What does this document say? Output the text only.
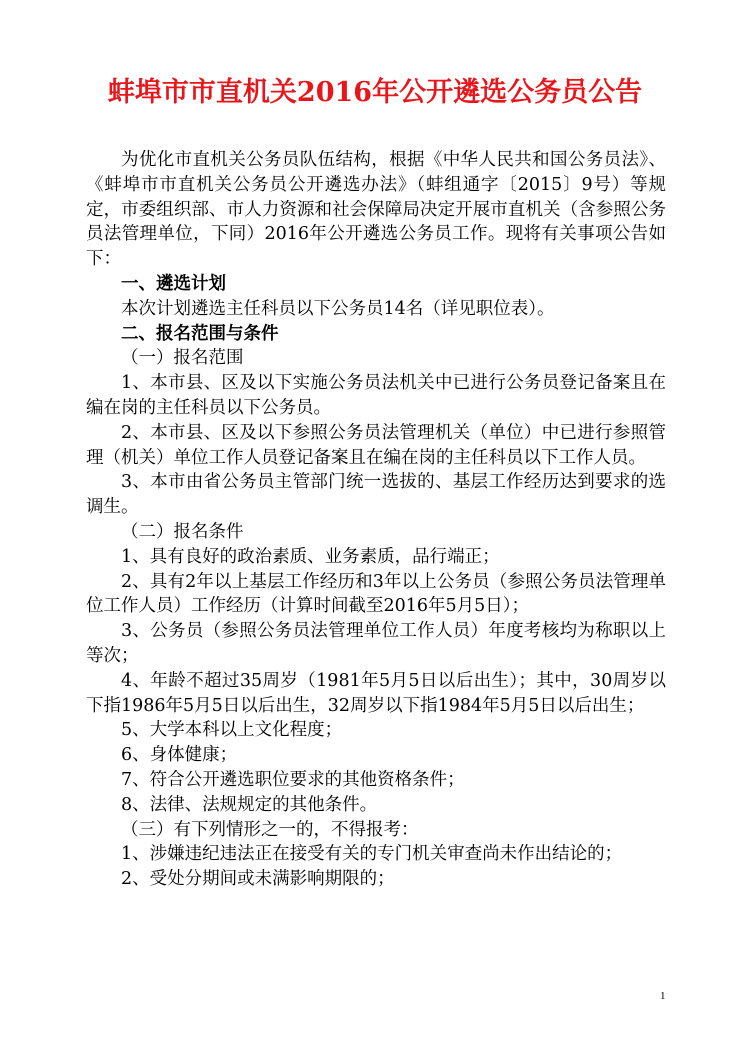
蚌埠市市直机关2016年公开遴选公务员公告

为优化市直机关公务员队伍结构，根据《中华人民共和国公务员法》、《蚌埠市市直机关公务员公开遴选办法》（蚌组通字〔2015〕9号）等规定，市委组织部、市人力资源和社会保障局决定开展市直机关（含参照公务员法管理单位，下同）2016年公开遴选公务员工作。现将有关事项公告如下：

一、遴选计划

本次计划遴选主任科员以下公务员14名（详见职位表）。

二、报名范围与条件

（一）报名范围

1、本市县、区及以下实施公务员法机关中已进行公务员登记备案且在编在岗的主任科员以下公务员。

2、本市县、区及以下参照公务员法管理机关（单位）中已进行参照管理（机关）单位工作人员登记备案且在编在岗的主任科员以下工作人员。

3、本市由省公务员主管部门统一选拔的、基层工作经历达到要求的选调生。

（二）报名条件

1、具有良好的政治素质、业务素质，品行端正；

2、具有2年以上基层工作经历和3年以上公务员（参照公务员法管理单位工作人员）工作经历（计算时间截至2016年5月5日）；

3、公务员（参照公务员法管理单位工作人员）年度考核均为称职以上等次；

4、年龄不超过35周岁（1981年5月5日以后出生）；其中，30周岁以下指1986年5月5日以后出生，32周岁以下指1984年5月5日以后出生；

5、大学本科以上文化程度；

6、身体健康；

7、符合公开遴选职位要求的其他资格条件；

8、法律、法规规定的其他条件。

（三）有下列情形之一的，不得报考：

1、涉嫌违纪违法正在接受有关的专门机关审查尚未作出结论的；

2、受处分期间或未满影响期限的；

1
